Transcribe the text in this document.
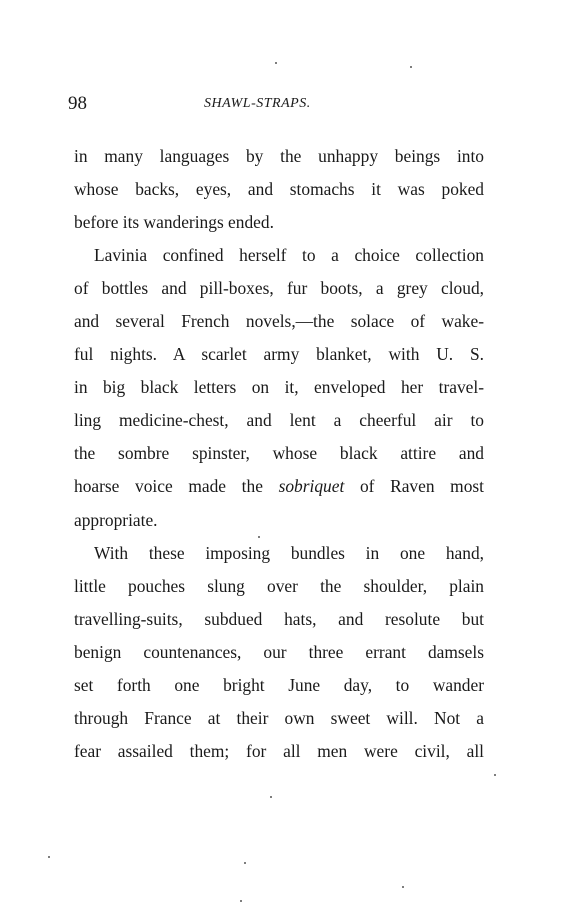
98	SHAWL-STRAPS.
in many languages by the unhappy beings into
whose backs, eyes, and stomachs it was poked
before its wanderings ended.
Lavinia confined herself to a choice collection
of bottles and pill-boxes, fur boots, a grey cloud,
and several French novels,—the solace of wake-
ful nights. A scarlet army blanket, with U. S.
in big black letters on it, enveloped her travel-
ling medicine-chest, and lent a cheerful air to
the sombre spinster, whose black attire and
hoarse voice made the sobriquet of Raven most
appropriate.
With these imposing bundles in one hand,
little pouches slung over the shoulder, plain
travelling-suits, subdued hats, and resolute but
benign countenances, our three errant damsels
set forth one bright June day, to wander
through France at their own sweet will. Not a
fear assailed them; for all men were civil, all
